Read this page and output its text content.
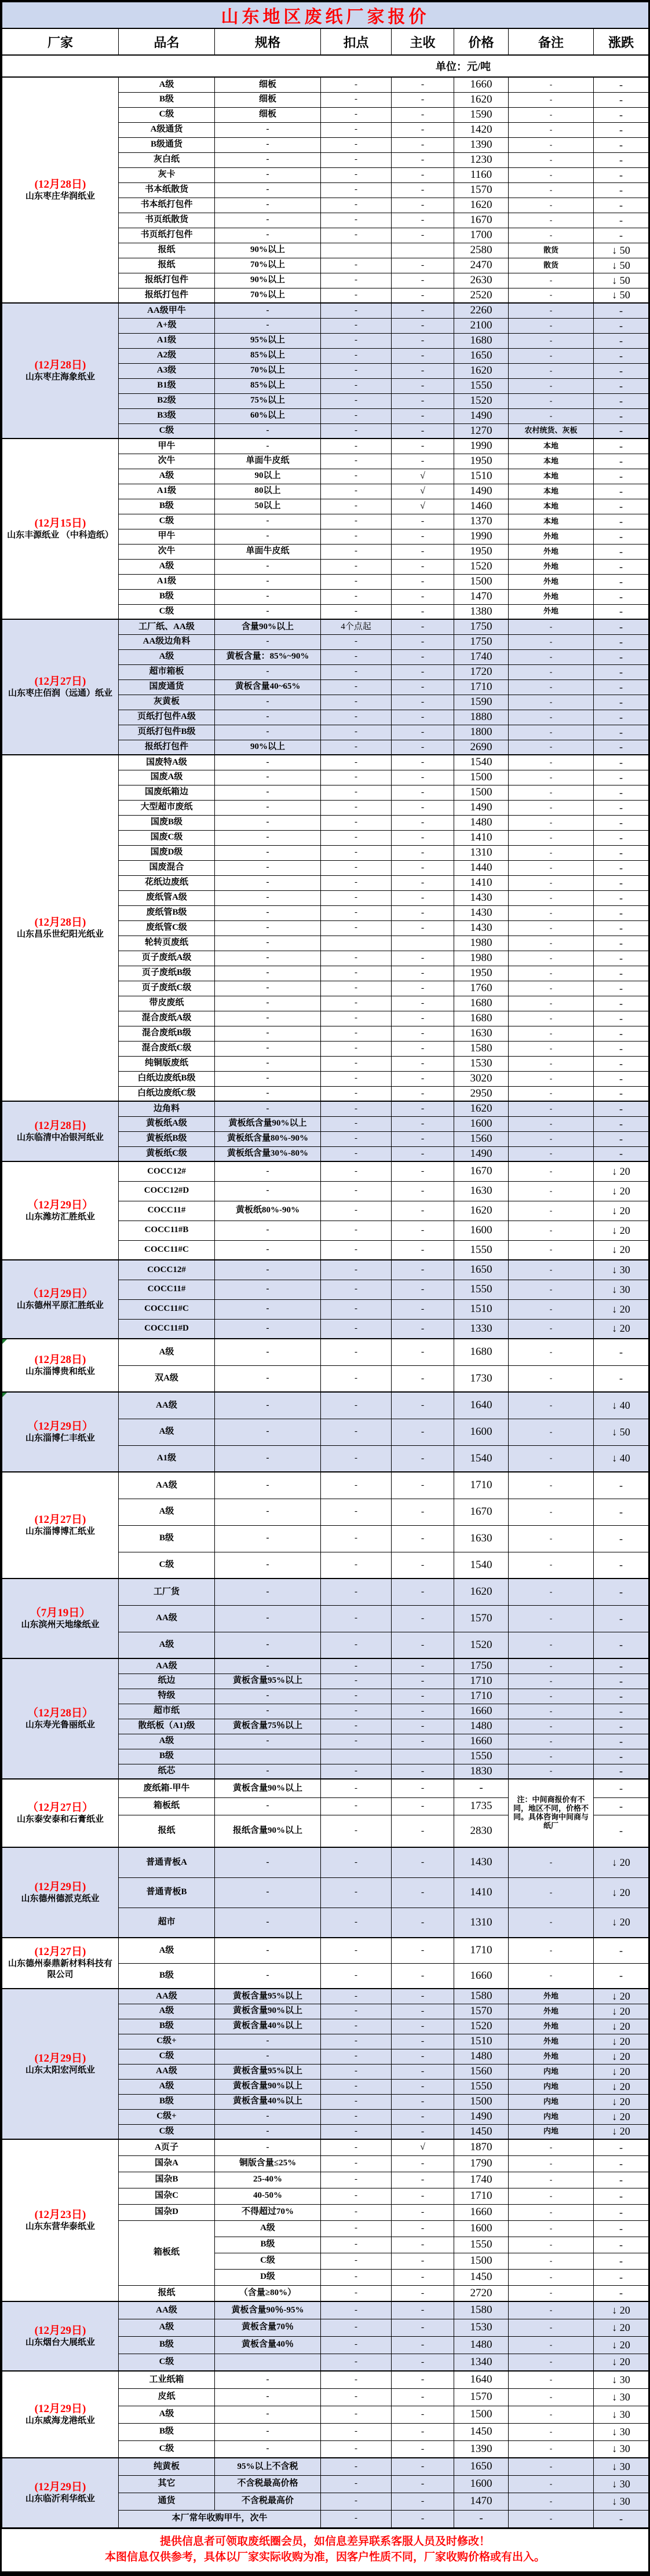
山东地区废纸厂家报价							
厂家	品名	规格	扣点	主收	价格	备注	涨跌
单位：元/吨							

(12月28日)
山东枣庄华润纸业	A级	细板	-	-	1660	-	-
	B级	细板	-	-	1620	-	-
	C级	细板	-	-	1590	-	-
	A级通货	-	-	-	1420	-	-
	B级通货	-	-	-	1390	-	-
	灰白纸	-	-	-	1230	-	-
	灰卡	-	-	-	1160	-	-
	书本纸散货	-	-	-	1570	-	-
	书本纸打包件	-	-	-	1620	-	-
	书页纸散货	-	-	-	1670	-	-
	书页纸打包件	-	-	-	1700	-	-
	报纸	90%以上			2580	散货	↓ 50
	报纸	70%以上	-	-	2470	散货	↓ 50
	报纸打包件	90%以上	-	-	2630	-	↓ 50
	报纸打包件	70%以上	-	-	2520	-	↓ 50

(12月28日)
山东枣庄海象纸业	AA级甲牛	-	-	-	2260	-	-
	A+级	-	-	-	2100	-	-
	A1级	95%以上	-	-	1680	-	-
	A2级	85%以上	-	-	1650	-	-
	A3级	70%以上	-	-	1620	-	-
	B1级	85%以上	-	-	1550	-	-
	B2级	75%以上	-	-	1520	-	-
	B3级	60%以上	-	-	1490	-	-
	C级	-	-	-	1270	农村统货、灰板	-

(12月15日)
山东丰源纸业 （中科造纸）	甲牛	-	-	-	1990	本地	-
	次牛	单面牛皮纸	-	-	1950	本地	-
	A级	90以上	-	√	1510	本地	-
	A1级	80以上	-	√	1490	本地	-
	B级	50以上	-	√	1460	本地	-
	C级	-	-	-	1370	本地	-
	甲牛	-	-	-	1990	外地	-
	次牛	单面牛皮纸	-	-	1950	外地	-
	A级	-	-	-	1520	外地	-
	A1级	-	-	-	1500	外地	-
	B级	-	-	-	1470	外地	-
	C级	-	-	-	1380	外地	-

(12月27日)
山东枣庄佰润（远通）纸业	工厂纸、AA级	含量90%以上	4个点起	-	1750	-	-
	AA级边角料	-	-	-	1750	-	-
	A级	黄板含量：85%~90%	-	-	1740	-	-
	超市箱板	-	-	-	1720	-	-
	国废通货	黄板含量40~65%	-	-	1710	-	-
	灰黄板	-	-	-	1590	-	-
	页纸打包件A级	-	-	-	1880	-	-
	页纸打包件B级	-	-	-	1800	-	-
	报纸打包件	90%以上	-	-	2690	-	-

(12月28日)
山东昌乐世纪阳光纸业	国废特A级	-	-	-	1540	-	-
	国废A级	-	-	-	1500	-	-
	国废纸箱边	-	-	-	1500	-	-
	大型超市废纸	-	-	-	1490	-	-
	国废B级	-	-	-	1480	-	-
	国废C级	-	-	-	1410	-	-
	国废D级	-	-	-	1310	-	-
	国废混合	-	-	-	1440	-	-
	花纸边废纸	-	-	-	1410	-	-
	废纸管A级	-	-	-	1430	-	-
	废纸管B级	-	-	-	1430	-	-
	废纸管C级	-	-	-	1430	-	-
	轮转页废纸	-			1980	-	-
	页子废纸A级	-	-	-	1980	-	-
	页子废纸B级	-	-	-	1950	-	-
	页子废纸C级	-	-	-	1760	-	-
	带皮废纸	-	-	-	1680	-	-
	混合废纸A级	-	-	-	1680	-	-
	混合废纸B级	-	-	-	1630	-	-
	混合废纸C级	-	-	-	1580	-	-
	纯铜版废纸	-	-	-	1530	-	-
	白纸边废纸B级	-	-	-	3020	-	-
	白纸边废纸C级	-	-	-	2950	-	-

(12月28日)
山东临清中冶银河纸业	边角料	-	-	-	1620	-	-
	黄板纸A级	黄板纸含量90%以上	-	-	1600	-	-
	黄板纸B级	黄板纸含量80%-90%	-	-	1560	-	-
	黄板纸C级	黄板纸含量30%-80%	-	-	1490	-	-

（12月29日）
山东潍坊汇胜纸业	COCC12#	-	-	-	1670	-	↓ 20
	COCC12#D	-	-	-	1630	-	↓ 20
	COCC11#	黄板纸80%-90%	-	-	1620	-	↓ 20
	COCC11#B	-	-	-	1600	-	↓ 20
	COCC11#C	-	-	-	1550	-	↓ 20

（12月29日）
山东德州平原汇胜纸业	COCC12#	-	-	-	1650	-	↓ 30
	COCC11#	-	-	-	1550	-	↓ 30
	COCC11#C	-	-	-	1510	-	↓ 20
	COCC11#D	-	-	-	1330	-	↓ 20

(12月28日)
山东淄博贵和纸业	A级	-	-	-	1680	-	-
	双A级	-	-	-	1730	-	-

（12月29日）
山东淄博仁丰纸业	AA级	-	-	-	1640	-	↓ 40
	A级	-	-	-	1600	-	↓ 50
	A1级	-	-	-	1540	-	↓ 40

(12月27日)
山东淄博博汇纸业	AA级	-	-	-	1710	-	-
	A级	-	-	-	1670	-	-
	B级	-	-	-	1630	-	-
	C级	-	-	-	1540	-	-

（7月19日）
山东滨州天地缘纸业	工厂货	-	-	-	1620	-	-
	AA级	-	-	-	1570	-	-
	A级	-	-	-	1520	-	-

（12月28日）
山东寿光鲁丽纸业	AA级	-	-	-	1750	-	-
	纸边	黄板含量95%以上	-	-	1710	-	-
	特级	-	-	-	1710	-	-
	超市纸	-	-	-	1660	-	-
	散纸板（A1)级	黄板含量75％以上	-	-	1480	-	-
	A级	-	-	-	1660	-	-
	B级				1550	-	-
	纸芯	-	-	-	1830	-	-

（12月27日）
山东泰安泰和石膏纸业	废纸箱-甲牛	黄板含量90%以上	-	-	-	注：中间商报价有不同，地区不同，价格不同。具体咨询中间商与纸厂	-
	箱板纸	-	-	-	1735		-
	报纸	报纸含量90%以上	-	-	2830		-

(12月29日)
山东德州德派克纸业	普通青板A	-	-	-	1430	-	↓ 20
	普通青板B	-	-	-	1410	-	↓ 20
	超市	-	-	-	1310	-	↓ 20

(12月27日)
山东德州泰鼎新材料科技有限公司	A级	-	-	-	1710	-	-
	B级	-	-	-	1660	-	-

(12月29日)
山东太阳宏河纸业	AA级	黄板含量95%以上	-	-	1580	外地	↓ 20
	A级	黄板含量90%以上	-	-	1570	外地	↓ 20
	B级	黄板含量40%以上	-	-	1520	外地	↓ 20
	C级+	-	-	-	1510	外地	↓ 20
	C级	-	-	-	1480	外地	↓ 20
	AA级	黄板含量95%以上	-	-	1560	内地	↓ 20
	A级	黄板含量90%以上	-	-	1550	内地	↓ 20
	B级	黄板含量40%以上	-	-	1500	内地	↓ 20
	C级+	-	-	-	1490	内地	↓ 20
	C级	-	-	-	1450	内地	↓ 20

(12月23日)
山东东营华泰纸业	A页子	-	-	√	1870	-	-
	国杂A	铜版含量≤25%	-	-	1790	-	-
	国杂B	25-40%	-	-	1740	-	-
	国杂C	40-50%	-	-	1710	-	-
	国杂D	不得超过70%	-	-	1660	-	-
	箱板纸	A级	-	-	1600	-	-
		B级	-	-	1550	-	-
		C级	-	-	1500	-	-
		D级	-	-	1450	-	-
	报纸	（含量≥80%）	-	-	2720	-	-

(12月29日)
山东烟台大展纸业	AA级	黄板含量90％-95%	-	-	1580	-	↓ 20
	A级	黄板含量70％	-	-	1530	-	↓ 20
	B级	黄板含量40％	-	-	1480	-	↓ 20
	C级		-	-	1340	-	↓ 20

(12月29日)
山东威海龙港纸业	工业纸箱	-	-	-	1640	-	↓ 30
	皮纸	-	-	-	1570	-	↓ 30
	A级	-	-	-	1500	-	↓ 30
	B级	-	-	-	1450	-	↓ 30
	C级	-	-	-	1390	-	↓ 30

(12月29日)
山东临沂利华纸业	纯黄板	95%以上不含税	-	-	1650	-	↓ 30
	其它	不含税最高价格	-	-	1600	-	↓ 30
	通货	不含税最高价	-	-	1470	-	↓ 30
	本厂常年收购甲牛，次牛		-	-	-	-	-
提供信息者可领取废纸圈会员，如信息差异联系客服人员及时修改！
本图信息仅供参考，具体以厂家实际收购为准，因客户性质不同，厂家收购价格或有出入。
